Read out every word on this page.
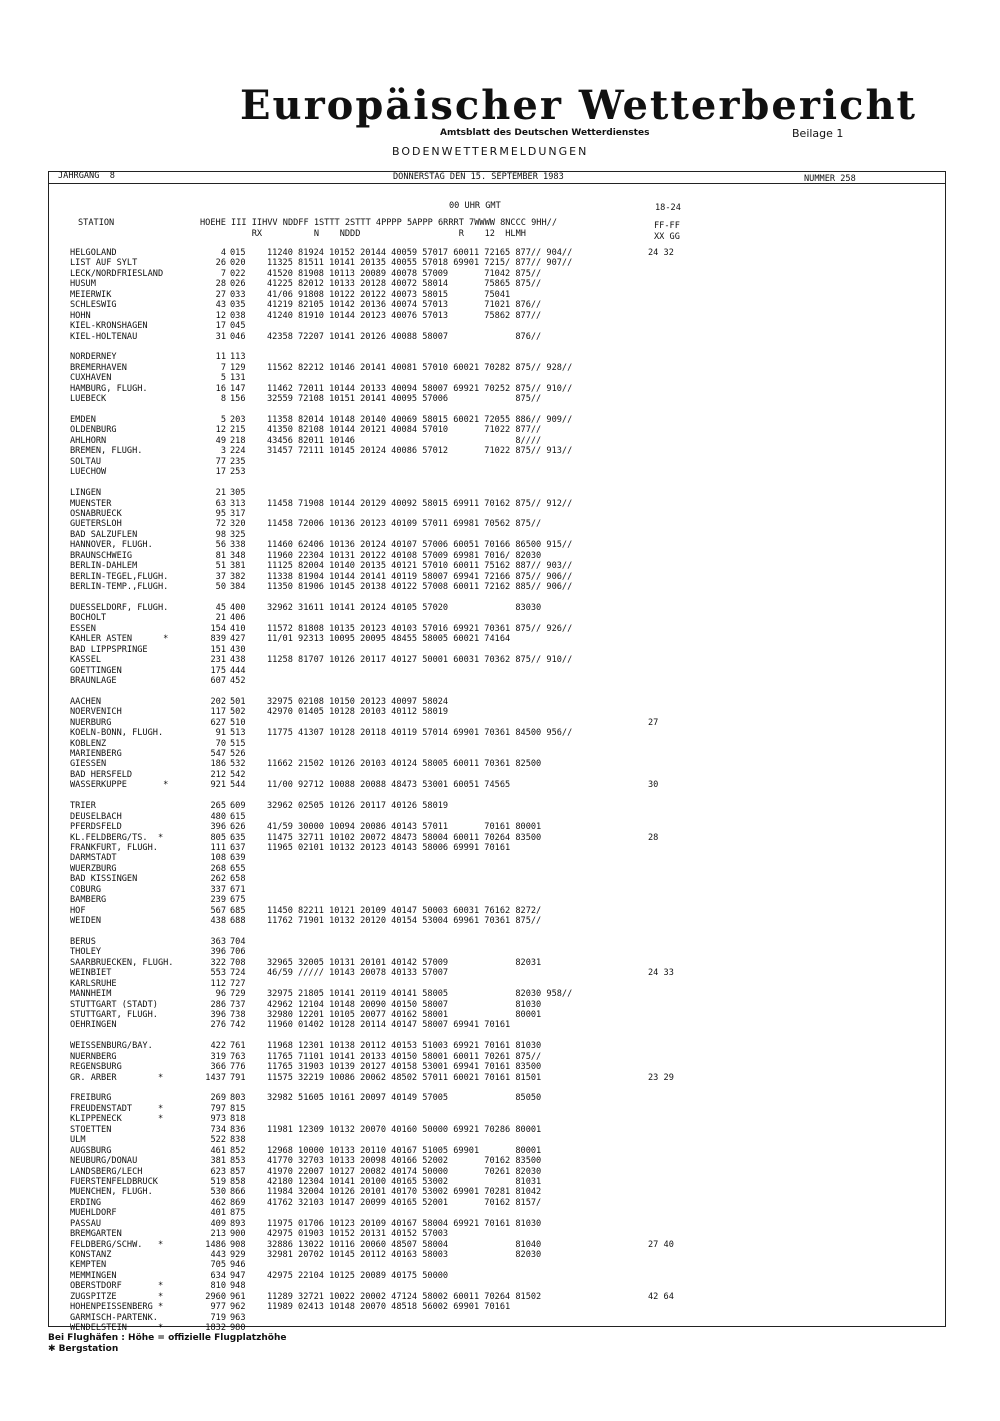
Europäischer Wetterbericht
Amtsblatt des Deutschen Wetterdienstes	Beilage 1
BODENWETTERMELDUNGEN
JAHRGANG  8	DONNERSTAG DEN 15. SEPTEMBER 1983	NUMMER 258
00 UHR GMT	18-24
STATION	HOEHE III IIHVV NDDFF 1STTT 2STTT 4PPPP 5APPP 6RRRT 7WWWW 8NCCC 9HH//
RX          N    NDDD                   R    12  HLMH
FF-FF
XX GG
HELGOLAND	4 015 11240 81924 10152 20144 40059 57017 60011 72165 877// 904//	24 32
LIST AUF SYLT	26 020 11325 81511 10141 20135 40055 57018 69901 7215/ 877// 907//
LECK/NORDFRIESLAND	7 022 41520 81908 10113 20089 40078 57009       71042 875//
HUSUM	28 026 41225 82012 10133 20128 40072 58014       75865 875//
MEIERWIK	27 033 41/06 91808 10122 20122 40073 58015       75041
SCHLESWIG	43 035 41219 82105 10142 20136 40074 57013       71021 876//
HOHN	12 038 41240 81910 10144 20123 40076 57013       75862 877//
KIEL-KRONSHAGEN	17 045
KIEL-HOLTENAU	31 046 42358 72207 10141 20126 40088 58007             876//
NORDERNEY	11 113
BREMERHAVEN	7 129 11562 82212 10146 20141 40081 57010 60021 70282 875// 928//
CUXHAVEN	5 131
HAMBURG, FLUGH.	16 147 11462 72011 10144 20133 40094 58007 69921 70252 875// 910//
LUEBECK	8 156 32559 72108 10151 20141 40095 57006             875//
EMDEN	5 203 11358 82014 10148 20140 40069 58015 60021 72055 886// 909//
OLDENBURG	12 215 41350 82108 10144 20121 40084 57010       71022 877//
AHLHORN	49 218 43456 82011 10146                               8////
BREMEN, FLUGH.	3 224 31457 72111 10145 20124 40086 57012       71022 875// 913//
SOLTAU	77 235
LUECHOW	17 253
LINGEN	21 305
MUENSTER	63 313 11458 71908 10144 20129 40092 58015 69911 70162 875// 912//
OSNABRUECK	95 317
GUETERSLOH	72 320 11458 72006 10136 20123 40109 57011 69981 70562 875//
BAD SALZUFLEN	98 325
HANNOVER, FLUGH.	56 338 11460 62406 10136 20124 40107 57006 60051 70166 86500 915//
BRAUNSCHWEIG	81 348 11960 22304 10131 20122 40108 57009 69981 7016/ 82030
BERLIN-DAHLEM	51 381 11125 82004 10140 20135 40121 57010 60011 75162 887// 903//
BERLIN-TEGEL,FLUGH.	37 382 11338 81904 10144 20141 40119 58007 69941 72166 875// 906//
BERLIN-TEMP.,FLUGH.	50 384 11350 81906 10145 20138 40122 57008 60011 72162 885// 906//
DUESSELDORF, FLUGH.	45 400 32962 31611 10141 20124 40105 57020             83030
BOCHOLT	21 406
ESSEN	154 410 11572 81808 10135 20123 40103 57016 69921 70361 875// 926//
KAHLER ASTEN      *	839 427 11/01 92313 10095 20095 48455 58005 60021 74164
BAD LIPPSPRINGE	151 430
KASSEL	231 438 11258 81707 10126 20117 40127 50001 60031 70362 875// 910//
GOETTINGEN	175 444
BRAUNLAGE	607 452
AACHEN	202 501 32975 02108 10150 20123 40097 58024
NOERVENICH	117 502 42970 01405 10128 20103 40112 58019
NUERBURG	627 510	27
KOELN-BONN, FLUGH.	91 513 11775 41307 10128 20118 40119 57014 69901 70361 84500 956//
KOBLENZ	70 515
MARIENBERG	547 526
GIESSEN	186 532 11662 21502 10126 20103 40124 58005 60011 70361 82500
BAD HERSFELD	212 542
WASSERKUPPE       *	921 544 11/00 92712 10088 20088 48473 53001 60051 74565	30
TRIER	265 609 32962 02505 10126 20117 40126 58019
DEUSELBACH	480 615
PFERDSFELD	396 626 41/59 30000 10094 20086 40143 57011       70161 80001
KL.FELDBERG/TS.  *	805 635 11475 32711 10102 20072 48473 58004 60011 70264 83500	28
FRANKFURT, FLUGH.	111 637 11965 02101 10132 20123 40143 58006 69991 70161
DARMSTADT	108 639
WUERZBURG	268 655
BAD KISSINGEN	262 658
COBURG	337 671
BAMBERG	239 675
HOF	567 685 11450 82211 10121 20109 40147 50003 60031 76162 8272/
WEIDEN	438 688 11762 71901 10132 20120 40154 53004 69961 70361 875//
BERUS	363 704
THOLEY	396 706
SAARBRUECKEN, FLUGH.	322 708 32965 32005 10131 20101 40142 57009             82031
WEINBIET	553 724 46/59 ///// 10143 20078 40133 57007	24 33
KARLSRUHE	112 727
MANNHEIM	96 729 32975 21805 10141 20119 40141 58005             82030 958//
STUTTGART (STADT)	286 737 42962 12104 10148 20090 40150 58007             81030
STUTTGART, FLUGH.	396 738 32980 12201 10105 20077 40162 58001             80001
OEHRINGEN	276 742 11960 01402 10128 20114 40147 58007 69941 70161
WEISSENBURG/BAY.	422 761 11968 12301 10138 20112 40153 51003 69921 70161 81030
NUERNBERG	319 763 11765 71101 10141 20133 40150 58001 60011 70261 875//
REGENSBURG	366 776 11765 31903 10139 20127 40158 53001 69941 70161 83500
GR. ARBER        *	1437 791 11575 32219 10086 20062 48502 57011 60021 70161 81501	23 29
FREIBURG	269 803 32982 51605 10161 20097 40149 57005             85050
FREUDENSTADT     *	797 815
KLIPPENECK       *	973 818
STOETTEN	734 836 11981 12309 10132 20070 40160 50000 69921 70286 80001
ULM	522 838
AUGSBURG	461 852 12968 10000 10133 20110 40167 51005 69901       80001
NEUBURG/DONAU	381 853 41770 32703 10133 20098 40166 52002       70162 83500
LANDSBERG/LECH	623 857 41970 22007 10127 20082 40174 50000       70261 82030
FUERSTENFELDBRUCK	519 858 42180 12304 10141 20100 40165 53002             81031
MUENCHEN, FLUGH.	530 866 11984 32004 10126 20101 40170 53002 69901 70281 81042
ERDING	462 869 41762 32103 10147 20099 40165 52001       70162 8157/
MUEHLDORF	401 875
PASSAU	409 893 11975 01706 10123 20109 40167 58004 69921 70161 81030
BREMGARTEN	213 900 42975 01903 10152 20131 40152 57003
FELDBERG/SCHW.   *	1486 908 32886 13022 10116 20060 48507 58004             81040	27 40
KONSTANZ	443 929 32981 20702 10145 20112 40163 58003             82030
KEMPTEN	705 946
MEMMINGEN	634 947 42975 22104 10125 20089 40175 50000
OBERSTDORF       *	810 948
ZUGSPITZE        *	2960 961 11289 32721 10022 20002 47124 58002 60011 70264 81502	42 64
HOHENPEISSENBERG *	977 962 11989 02413 10148 20070 48518 56002 69901 70161
GARMISCH-PARTENK.	719 963
WENDELSTEIN      *	1832 980
Bei Flughäfen : Höhe = offizielle Flugplatzhöhe
✱ Bergstation
